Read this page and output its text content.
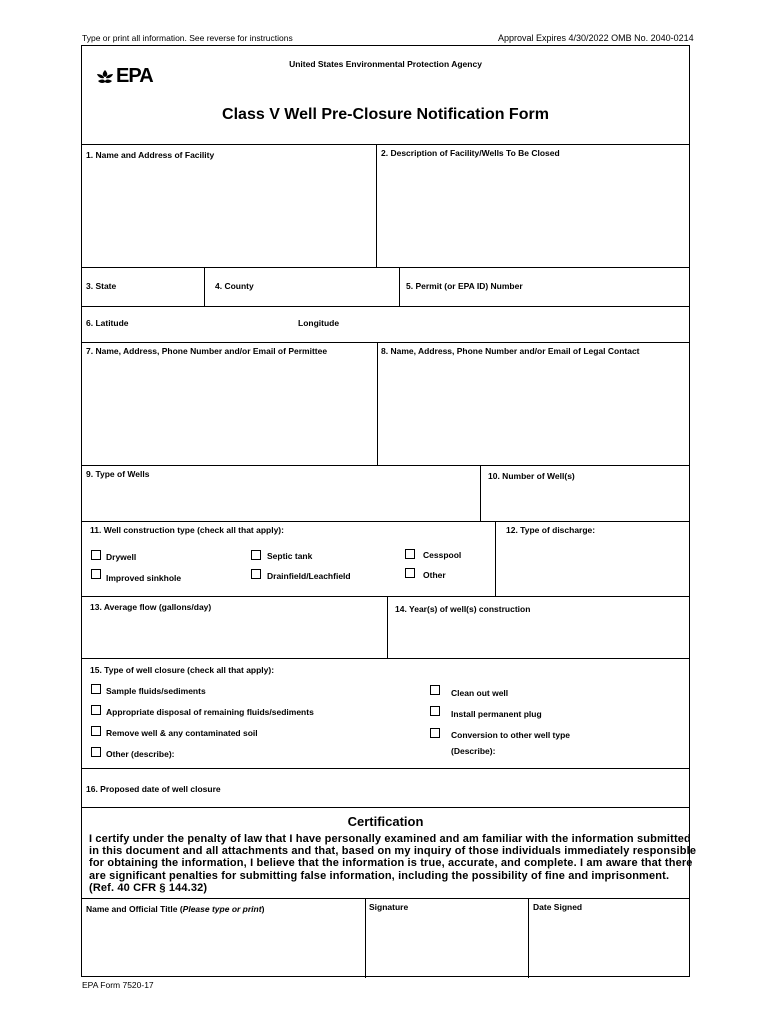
Type or print all information. See reverse for instructions	Approval Expires 4/30/2022 OMB No. 2040-0214
EPA
United States Environmental Protection Agency
Class V Well Pre-Closure Notification Form
1. Name and Address of Facility	2. Description of Facility/Wells To Be Closed
3. State	4. County	5. Permit (or EPA ID) Number
6. Latitude	Longitude
7. Name, Address, Phone Number and/or Email of Permittee	8. Name, Address, Phone Number and/or Email of Legal Contact
9. Type of Wells	10. Number of Well(s)
11. Well construction type (check all that apply):	12. Type of discharge:
Drywell	Septic tank	Cesspool
Improved sinkhole	Drainfield/Leachfield	Other
13. Average flow (gallons/day)	14. Year(s) of well(s) construction
15. Type of well closure (check all that apply):
Sample fluids/sediments
Appropriate disposal of remaining fluids/sediments
Remove well & any contaminated soil
Other (describe):
Clean out well
Install permanent plug
Conversion to other well type
(Describe):
16. Proposed date of well closure
Certification
I certify under the penalty of law that I have personally examined and am familiar with the information submitted
in this document and all attachments and that, based on my inquiry of those individuals immediately responsible
for obtaining the information, I believe that the information is true, accurate, and complete. I am aware that there
are significant penalties for submitting false information, including the possibility of fine and imprisonment.
(Ref. 40 CFR § 144.32)
Name and Official Title (Please type or print)	Signature	Date Signed
EPA Form 7520-17
